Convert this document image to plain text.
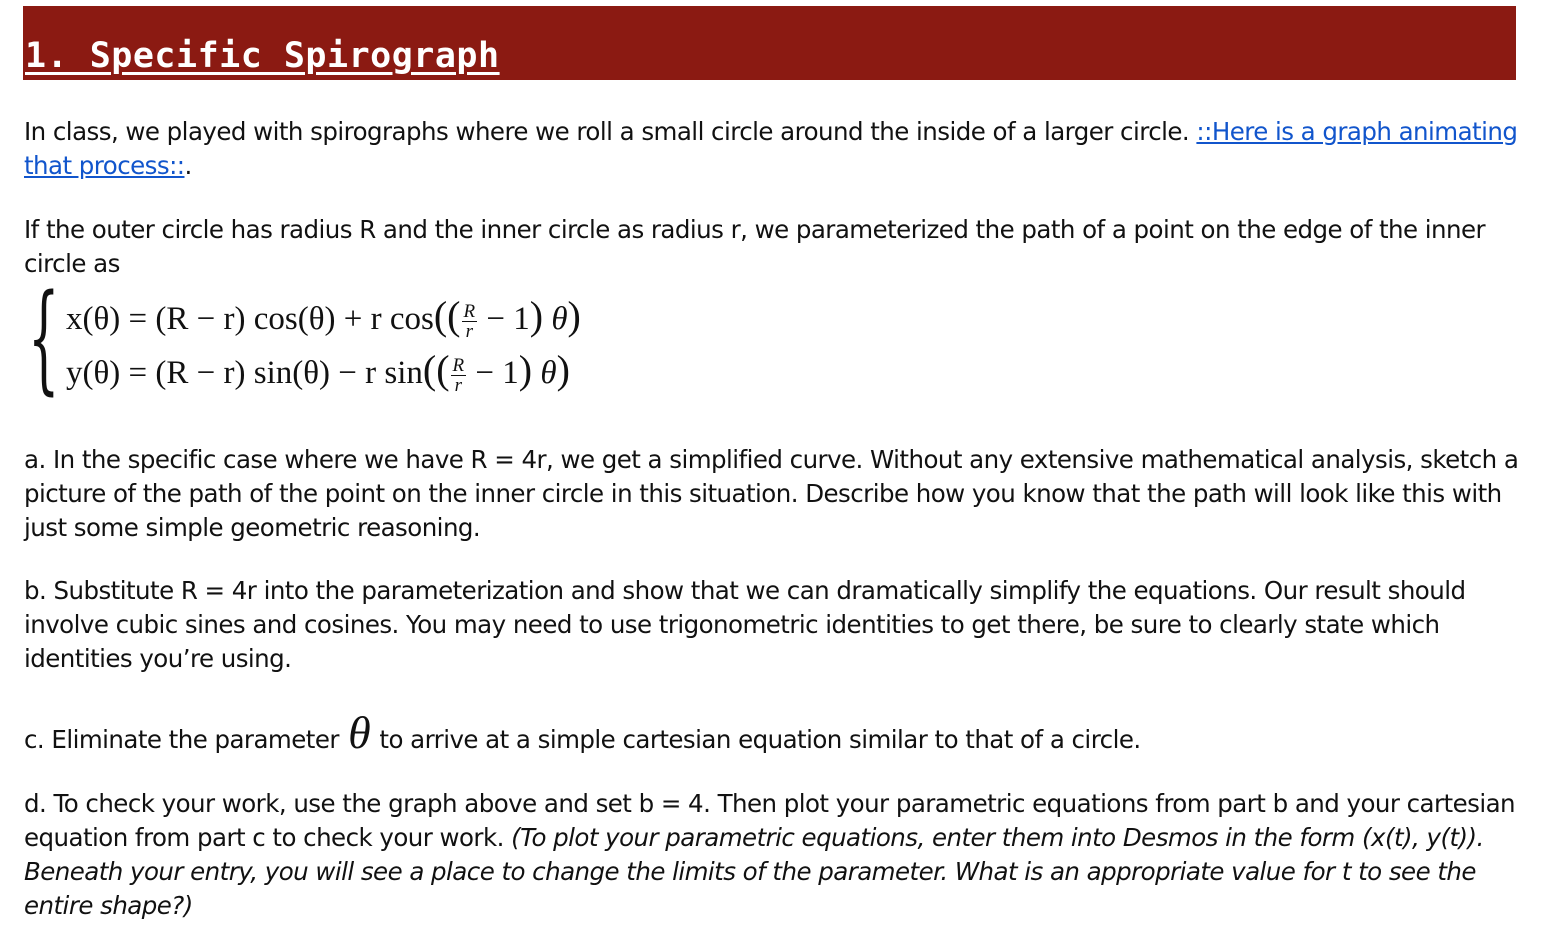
1. Specific Spirograph

In class, we played with spirographs where we roll a small circle around the inside of a larger circle. ::Here is a graph animating that process::.

If the outer circle has radius R and the inner circle as radius r, we parameterized the path of a point on the edge of the inner circle as

{ x(θ) = (R − r) cos(θ) + r $\cos(( \frac{R}{r} - 1)$ θ)
y(θ) = (R − r) sin(θ) − r $\sin(( \frac{R}{r} - 1)$ θ)

a. In the specific case where we have R = 4r, we get a simplified curve. Without any extensive mathematical analysis, sketch a picture of the path of the point on the inner circle in this situation. Describe how you know that the path will look like this with just some simple geometric reasoning.

b. Substitute R = 4r into the parameterization and show that we can dramatically simplify the equations. Our result should involve cubic sines and cosines. You may need to use trigonometric identities to get there, be sure to clearly state which identities you’re using.

c. Eliminate the parameter θ to arrive at a simple cartesian equation similar to that of a circle.

d. To check your work, use the graph above and set b = 4. Then plot your parametric equations from part b and your cartesian equation from part c to check your work. (To plot your parametric equations, enter them into Desmos in the form (x(t), y(t)). Beneath your entry, you will see a place to change the limits of the parameter. What is an appropriate value for t to see the entire shape?)
